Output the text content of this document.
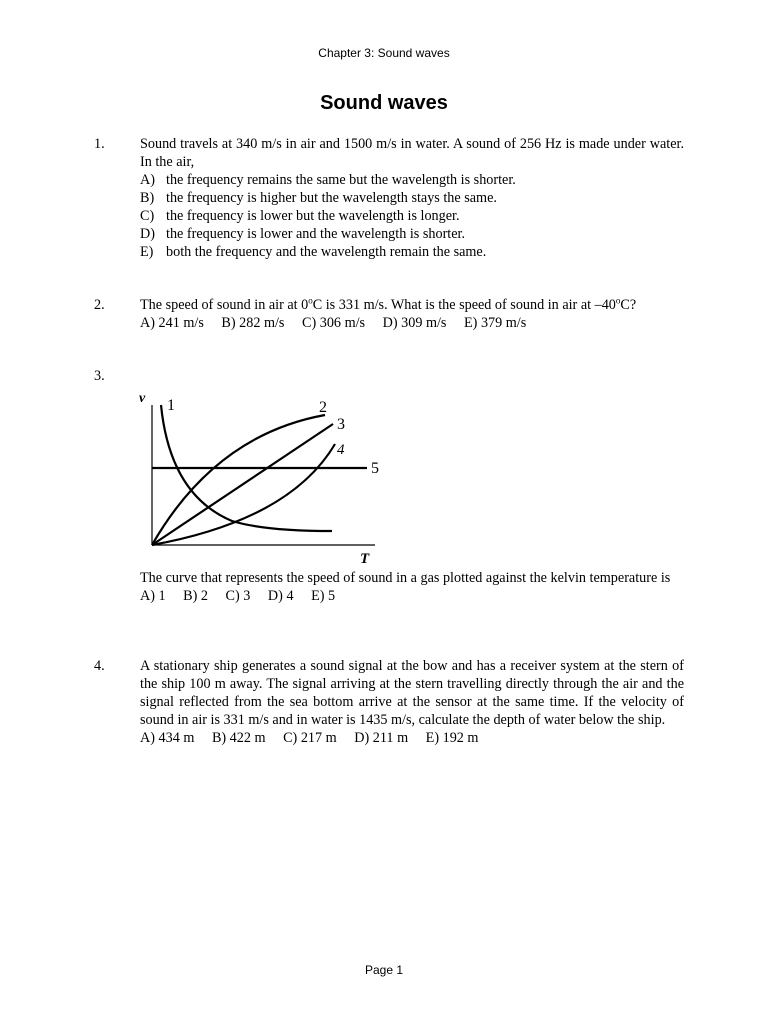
Chapter 3: Sound waves
Sound waves
1. Sound travels at 340 m/s in air and 1500 m/s in water. A sound of 256 Hz is made under water. In the air,
A) the frequency remains the same but the wavelength is shorter.
B) the frequency is higher but the wavelength stays the same.
C) the frequency is lower but the wavelength is longer.
D) the frequency is lower and the wavelength is shorter.
E) both the frequency and the wavelength remain the same.
2. The speed of sound in air at 0$^o$C is 331 m/s. What is the speed of sound in air at –40$^o$C?
A) 241 m/s B) 282 m/s C) 306 m/s D) 309 m/s E) 379 m/s
3.
v
T
1	2
3
4
5
The curve that represents the speed of sound in a gas plotted against the kelvin temperature is
A) 1 B) 2 C) 3 D) 4 E) 5
4. A stationary ship generates a sound signal at the bow and has a receiver system at the stern of the ship 100 m away. The signal arriving at the stern travelling directly through the air and the signal reflected from the sea bottom arrive at the sensor at the same time. If the velocity of sound in air is 331 m/s and in water is 1435 m/s, calculate the depth of water below the ship.
A) 434 m B) 422 m C) 217 m D) 211 m E) 192 m
Page 1
